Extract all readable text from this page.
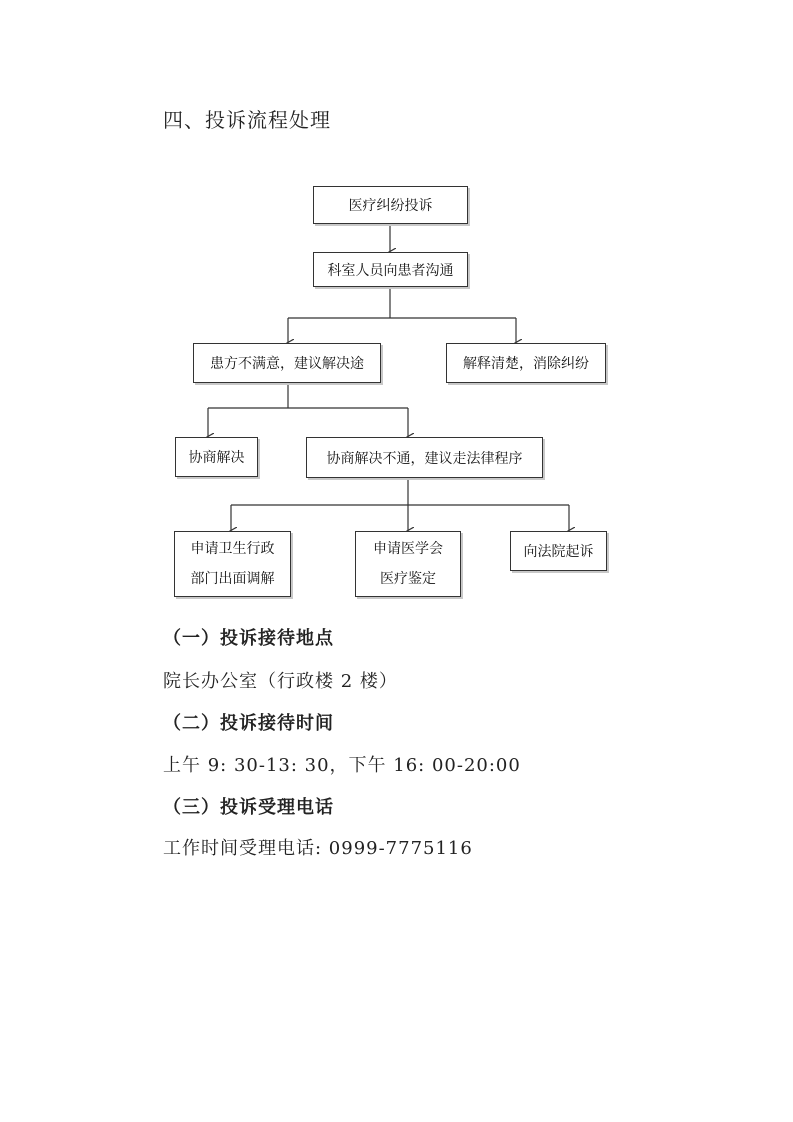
四、投诉流程处理
医疗纠纷投诉
科室人员向患者沟通
患方不满意，建议解决途	解释清楚，消除纠纷
协商解决	协商解决不通，建议走法律程序
申请卫生行政
部门出面调解
申请医学会
医疗鉴定
向法院起诉
（一）投诉接待地点
院长办公室（行政楼 2 楼）
（二）投诉接待时间
上午 9: 30-13: 30，下午 16: 00-20:00
（三）投诉受理电话
工作时间受理电话: 0999-7775116
